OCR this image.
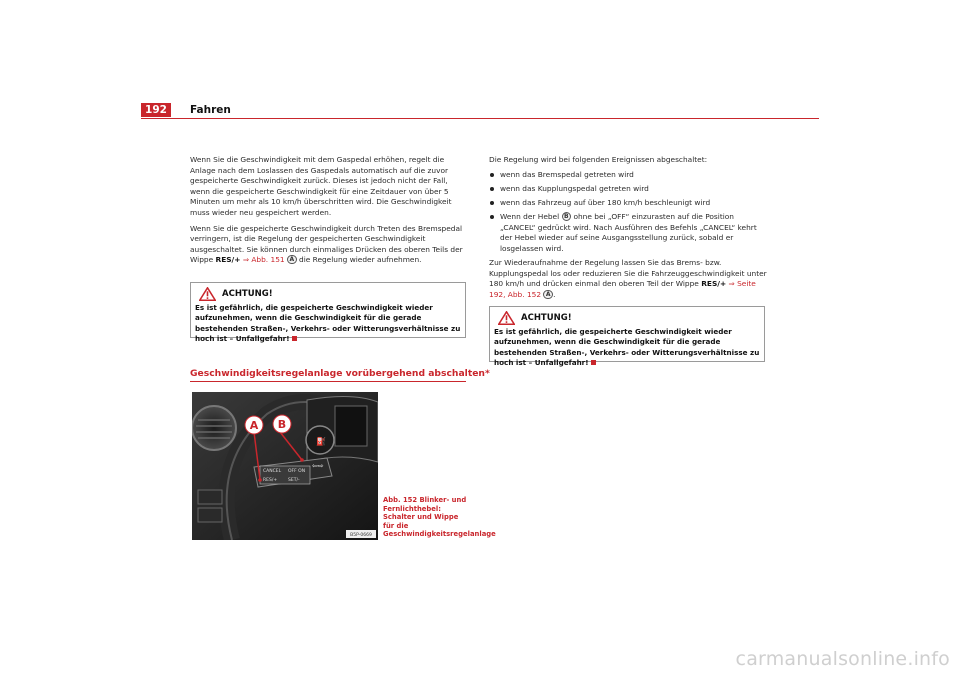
192	Fahren

Wenn Sie die Geschwindigkeit mit dem Gaspedal erhöhen, regelt die Anlage nach dem Loslassen des Gaspedals automatisch auf die zuvor gespeicherte Geschwindigkeit zurück. Dieses ist jedoch nicht der Fall, wenn die gespeicherte Geschwindigkeit für eine Zeitdauer von über 5 Minuten um mehr als 10 km/h überschritten wird. Die Geschwindigkeit muss wieder neu gespeichert werden.

Wenn Sie die gespeicherte Geschwindigkeit durch Treten des Bremspedal verringern, ist die Regelung der gespeicherten Geschwindigkeit ausgeschaltet. Sie können durch einmaliges Drücken des oberen Teils der Wippe RES/+ ⇒ Abb. 151 A die Regelung wieder aufnehmen.

ACHTUNG!
Es ist gefährlich, die gespeicherte Geschwindigkeit wieder aufzunehmen, wenn die Geschwindigkeit für die gerade bestehenden Straßen-, Verkehrs- oder Witterungsverhältnisse zu hoch ist – Unfallgefahr!
Geschwindigkeitsregelanlage vorübergehend abschalten*
⛽
CANCEL OFF ON
RES/+ SET/-
⇦⇨
A B
B5P-0669
Abb. 152 Blinker- und Fernlichthebel: Schalter und Wippe für die Geschwindigkeitsregelanlage

Die Regelung wird bei folgenden Ereignissen abgeschaltet:

wenn das Bremspedal getreten wird
wenn das Kupplungspedal getreten wird
wenn das Fahrzeug auf über 180 km/h beschleunigt wird
Wenn der Hebel B ohne bei „OFF“ einzurasten auf die Position „CANCEL“ gedrückt wird. Nach Ausführen des Befehls „CANCEL“ kehrt der Hebel wieder auf seine Ausgangsstellung zurück, sobald er losgelassen wird.

Zur Wiederaufnahme der Regelung lassen Sie das Brems- bzw. Kupplungspedal los oder reduzieren Sie die Fahrzeuggeschwindigkeit unter 180 km/h und drücken einmal den oberen Teil der Wippe RES/+ ⇒ Seite 192, Abb. 152 A .

ACHTUNG!
Es ist gefährlich, die gespeicherte Geschwindigkeit wieder aufzunehmen, wenn die Geschwindigkeit für die gerade bestehenden Straßen-, Verkehrs- oder Witterungsverhältnisse zu hoch ist – Unfallgefahr!
carmanualsonline.info
